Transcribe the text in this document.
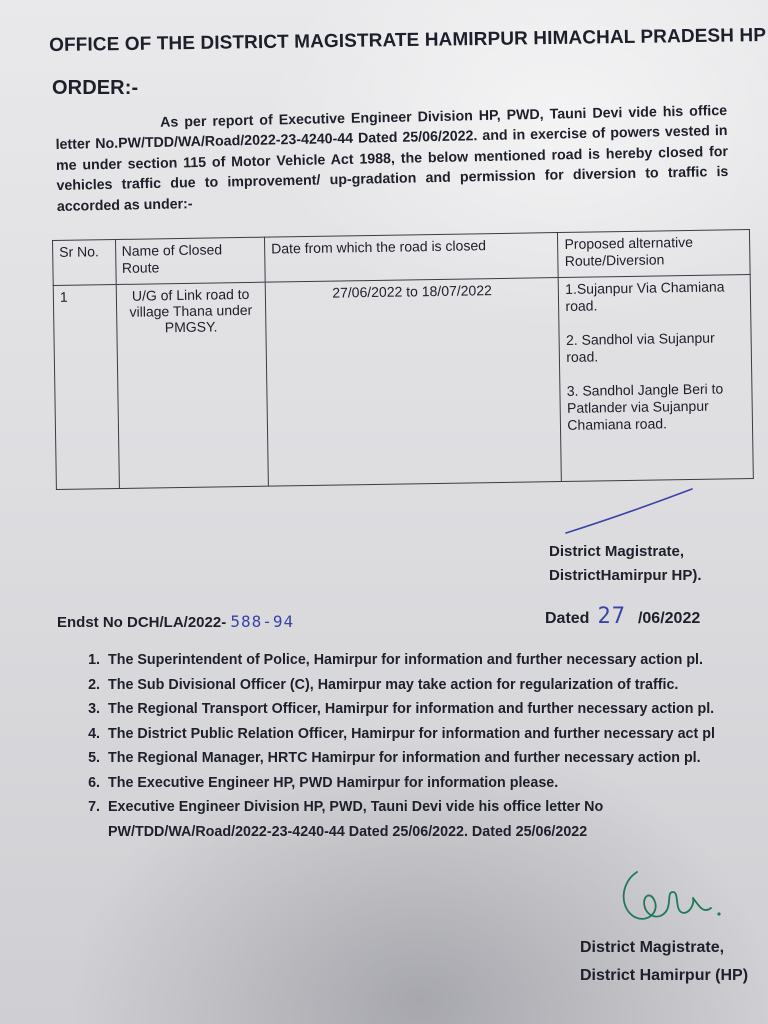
OFFICE OF THE DISTRICT MAGISTRATE HAMIRPUR HIMACHAL PRADESH HP
ORDER:-
As per report of Executive Engineer Division HP, PWD, Tauni Devi vide his office letter No.PW/TDD/WA/Road/2022-23-4240-44 Dated 25/06/2022. and in exercise of powers vested in me under section 115 of Motor Vehicle Act 1988, the below mentioned road is hereby closed for vehicles traffic due to improvement/ up-gradation and permission for diversion to traffic is accorded as under:-
Sr No.	Name of Closed Route	Date from which the road is closed	Proposed alternative Route/Diversion
1	U/G of Link road to village Thana under PMGSY.	27/06/2022 to 18/07/2022	1.Sujanpur Via Chamiana road.
2. Sandhol via Sujanpur road.
3. Sandhol Jangle Beri to Patlander via Sujanpur Chamiana road.
District Magistrate,
DistrictHamirpur HP).
Endst No DCH/LA/2022- 588-94	Dated 27 /06/2022
1. The Superintendent of Police, Hamirpur for information and further necessary action pl.
2. The Sub Divisional Officer (C), Hamirpur may take action for regularization of traffic.
3. The Regional Transport Officer, Hamirpur for information and further necessary action pl.
4. The District Public Relation Officer, Hamirpur for information and further necessary act pl
5. The Regional Manager, HRTC Hamirpur for information and further necessary action pl.
6. The Executive Engineer HP, PWD Hamirpur for information please.
7. Executive Engineer Division HP, PWD, Tauni Devi vide his office letter No
PW/TDD/WA/Road/2022-23-4240-44 Dated 25/06/2022. Dated 25/06/2022
District Magistrate,
District Hamirpur (HP)
